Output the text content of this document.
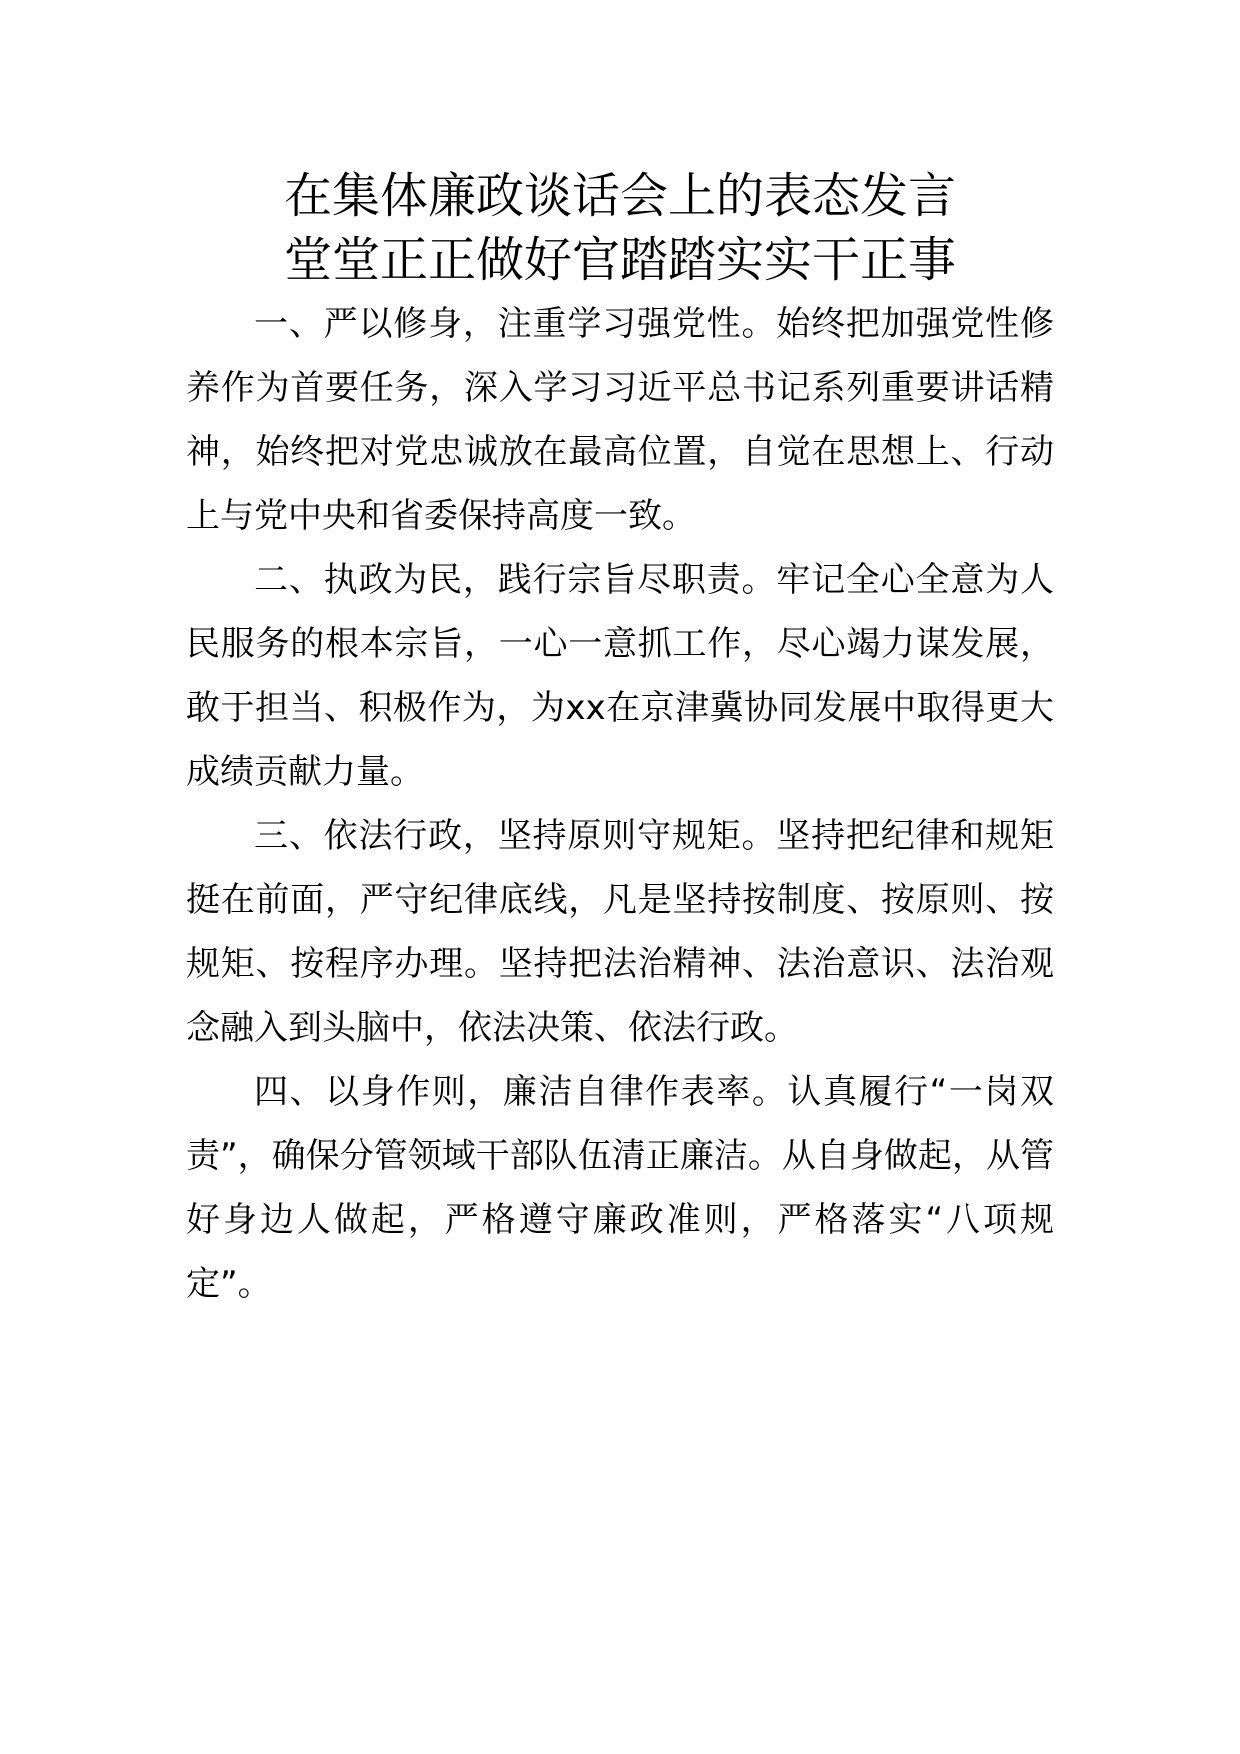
在集体廉政谈话会上的表态发言
堂堂正正做好官踏踏实实干正事

一、严以修身，注重学习强党性。始终把加强党性修养作为首要任务，深入学习习近平总书记系列重要讲话精神，始终把对党忠诚放在最高位置，自觉在思想上、行动上与党中央和省委保持高度一致。

二、执政为民，践行宗旨尽职责。牢记全心全意为人民服务的根本宗旨，一心一意抓工作，尽心竭力谋发展，敢于担当、积极作为，为xx在京津冀协同发展中取得更大成绩贡献力量。

三、依法行政，坚持原则守规矩。坚持把纪律和规矩挺在前面，严守纪律底线，凡是坚持按制度、按原则、按规矩、按程序办理。坚持把法治精神、法治意识、法治观念融入到头脑中，依法决策、依法行政。

四、以身作则，廉洁自律作表率。认真履行“一岗双责”，确保分管领域干部队伍清正廉洁。从自身做起，从管好身边人做起，严格遵守廉政准则，严格落实“八项规定”。
